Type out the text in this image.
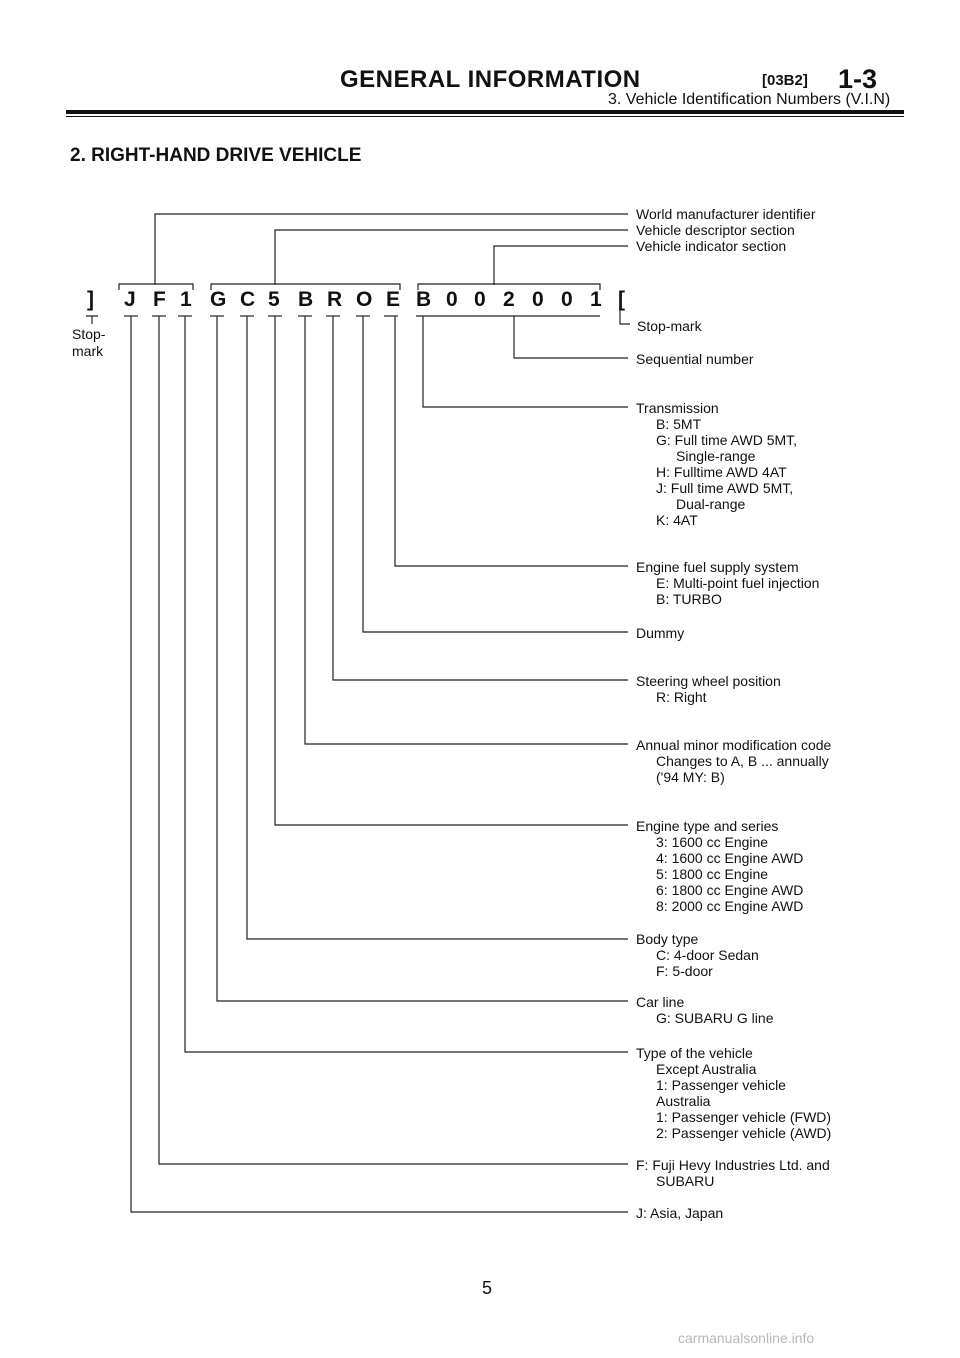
GENERAL INFORMATION	[03B2] 1-3
3. Vehicle Identification Numbers (V.I.N)
2. RIGHT-HAND DRIVE VEHICLE
World manufacturer identifier
Vehicle descriptor section
Vehicle indicator section
] J F 1 G C 5 B R O E B 0 0 2 0 0 1 [
Stop-
mark
Stop-mark
Sequential number
Transmission
B: 5MT
G: Full time AWD 5MT,
Single-range
H: Fulltime AWD 4AT
J: Full time AWD 5MT,
Dual-range
K: 4AT
Engine fuel supply system
E: Multi-point fuel injection
B: TURBO
Dummy
Steering wheel position
R: Right
Annual minor modification code
Changes to A, B ... annually
('94 MY: B)
Engine type and series
3: 1600 cc Engine
4: 1600 cc Engine AWD
5: 1800 cc Engine
6: 1800 cc Engine AWD
8: 2000 cc Engine AWD
Body type
C: 4-door Sedan
F: 5-door
Car line
G: SUBARU G line
Type of the vehicle
Except Australia
1: Passenger vehicle
Australia
1: Passenger vehicle (FWD)
2: Passenger vehicle (AWD)
F: Fuji Hevy Industries Ltd. and
SUBARU
J: Asia, Japan
5
carmanualsonline.info
